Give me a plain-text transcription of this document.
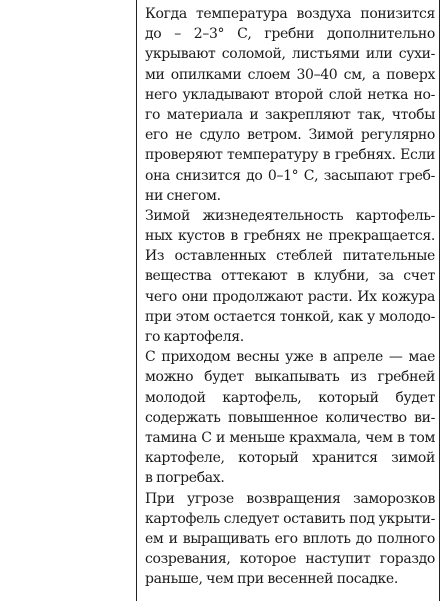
Когда температура воздуха понизится
до – 2–3° С, гребни дополнительно
укрывают соломой, листьями или сухи-
ми опилками слоем 30–40 см, а поверх
него укладывают второй слой нетка но-
го материала и закрепляют так, чтобы
его не сдуло ветром. Зимой регулярно
проверяют температуру в гребнях. Если
она снизится до 0–1° С, засыпают греб-
ни снегом.
Зимой жизнедеятельность картофель-
ных кустов в гребнях не прекращается.
Из оставленных стеблей питательные
вещества оттекают в клубни, за счет
чего они продолжают расти. Их кожура
при этом остается тонкой, как у молодо-
го картофеля.
С приходом весны уже в апреле — мае
можно будет выкапывать из гребней
молодой картофель, который будет
содержать повышенное количество ви-
тамина С и меньше крахмала, чем в том
картофеле, который хранится зимой
в погребах.
При угрозе возвращения заморозков
картофель следует оставить под укрыти-
ем и выращивать его вплоть до полного
созревания, которое наступит гораздо
раньше, чем при весенней посадке.
